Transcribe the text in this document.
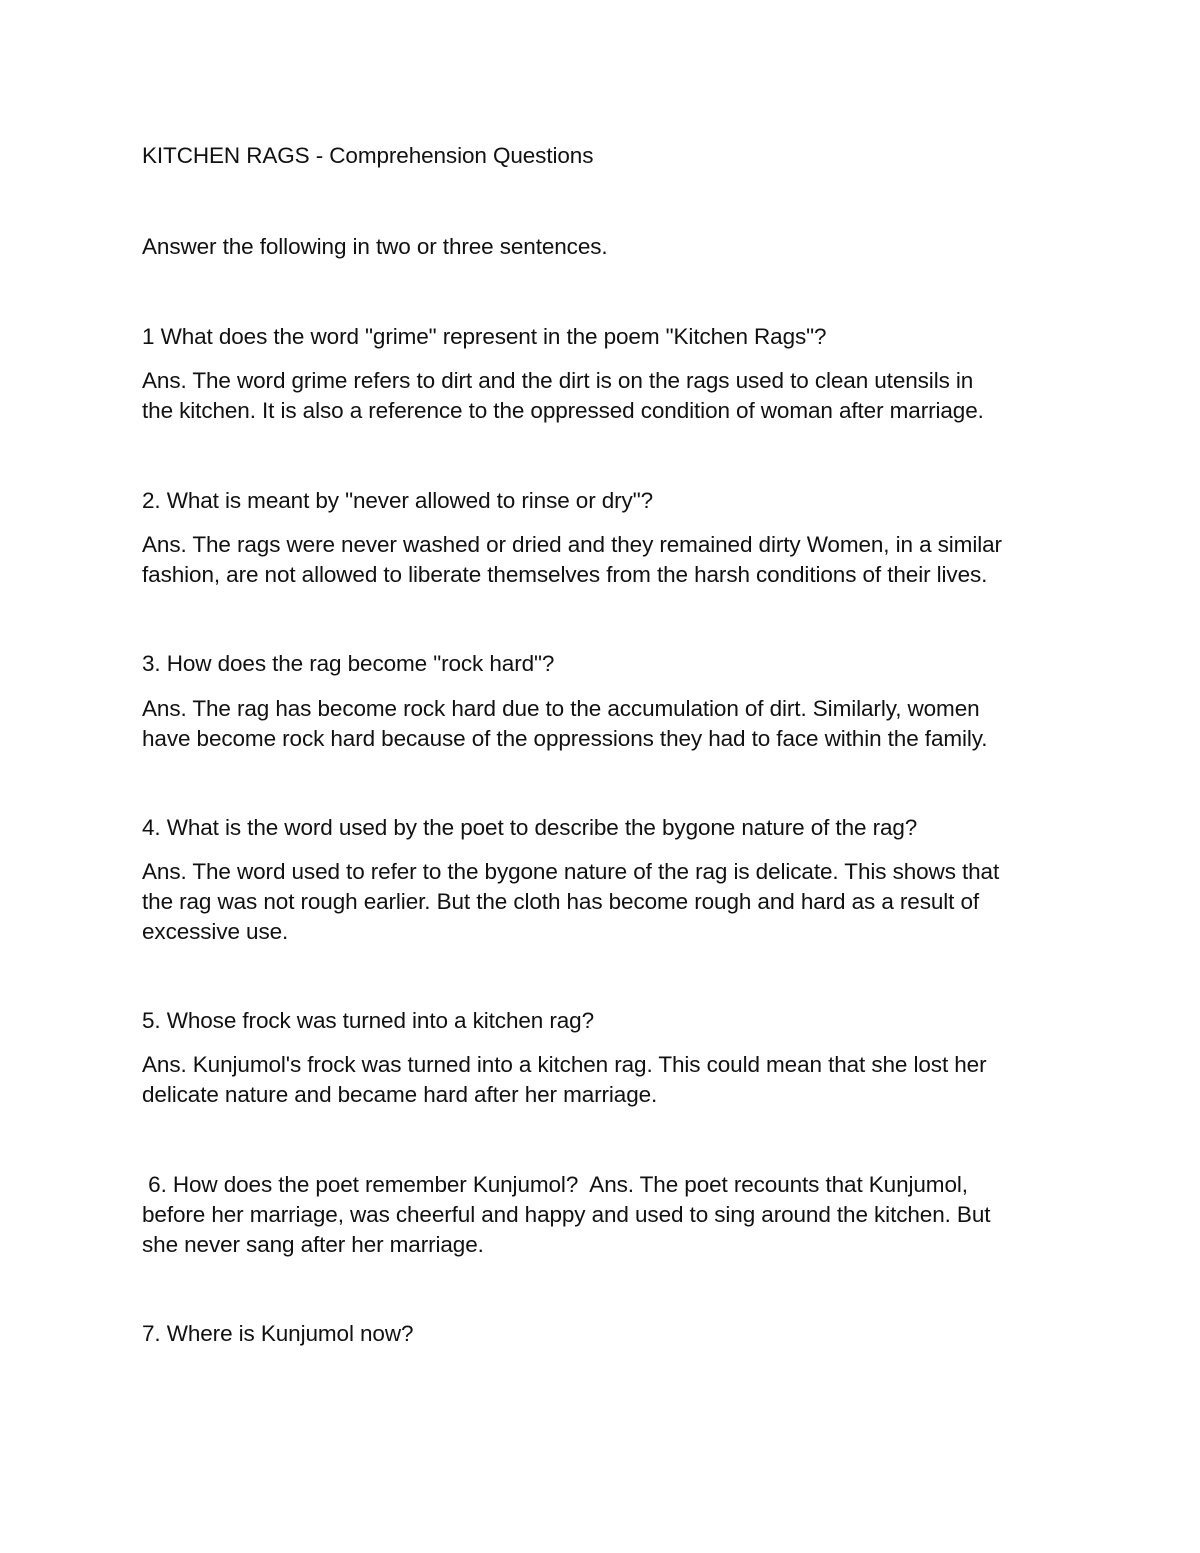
KITCHEN RAGS - Comprehension Questions
Answer the following in two or three sentences.
1 What does the word "grime" represent in the poem "Kitchen Rags"?
Ans. The word grime refers to dirt and the dirt is on the rags used to clean utensils in
the kitchen. It is also a reference to the oppressed condition of woman after marriage.
2. What is meant by "never allowed to rinse or dry"?
Ans. The rags were never washed or dried and they remained dirty Women, in a similar
fashion, are not allowed to liberate themselves from the harsh conditions of their lives.
3. How does the rag become "rock hard"?
Ans. The rag has become rock hard due to the accumulation of dirt. Similarly, women
have become rock hard because of the oppressions they had to face within the family.
4. What is the word used by the poet to describe the bygone nature of the rag?
Ans. The word used to refer to the bygone nature of the rag is delicate. This shows that
the rag was not rough earlier. But the cloth has become rough and hard as a result of
excessive use.
5. Whose frock was turned into a kitchen rag?
Ans. Kunjumol's frock was turned into a kitchen rag. This could mean that she lost her
delicate nature and became hard after her marriage.
6. How does the poet remember Kunjumol?  Ans. The poet recounts that Kunjumol,
before her marriage, was cheerful and happy and used to sing around the kitchen. But
she never sang after her marriage.
7. Where is Kunjumol now?
